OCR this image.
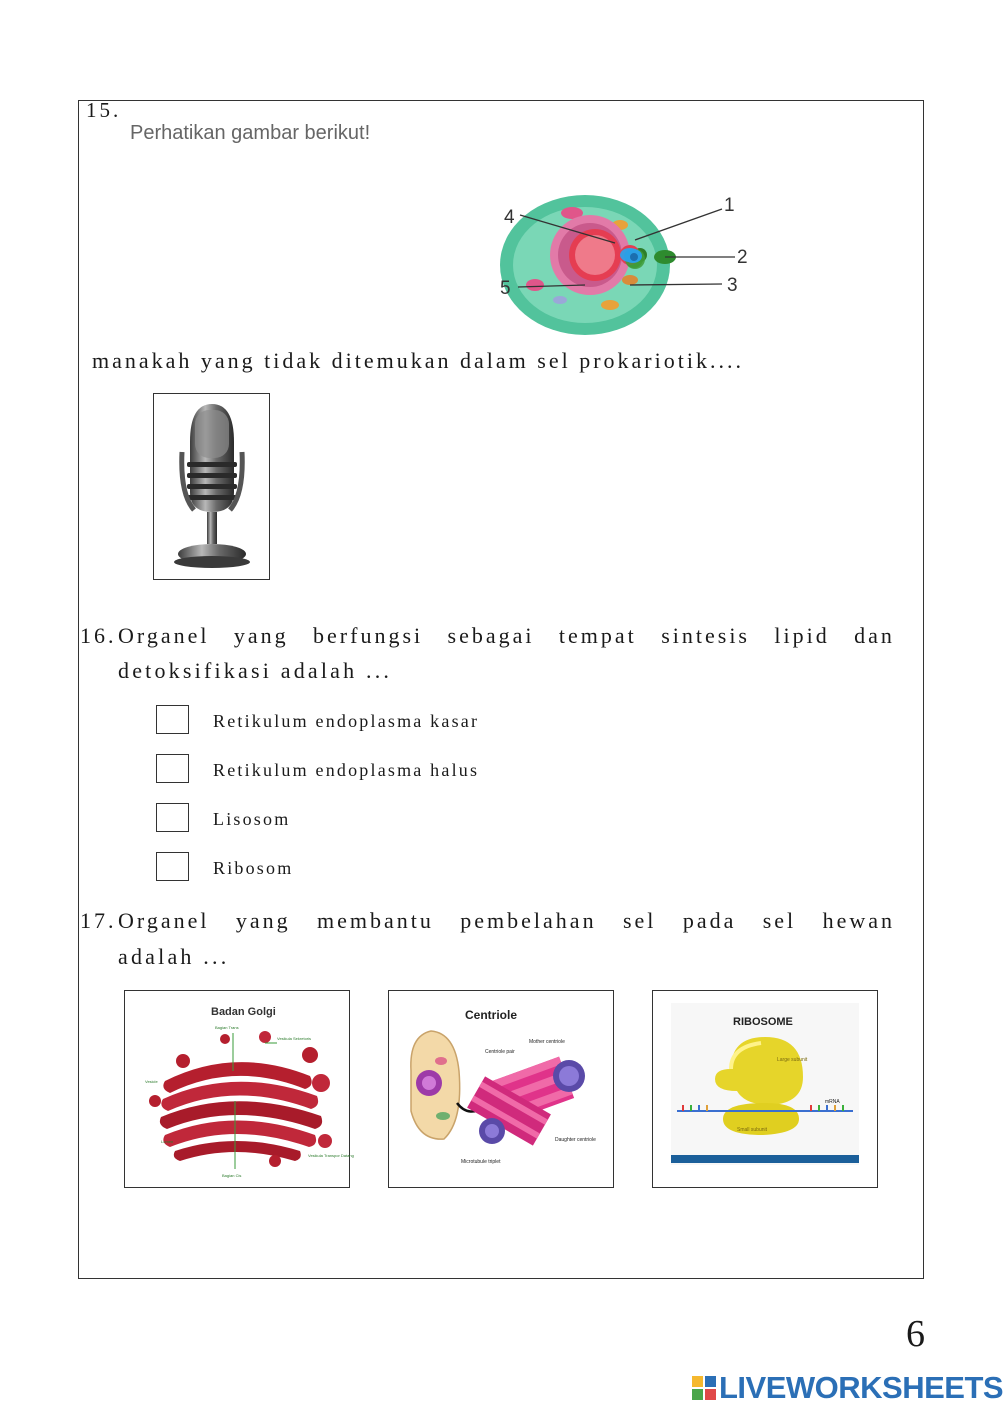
15.
Perhatikan gambar berikut!
4
1
2
3
5
manakah yang tidak ditemukan dalam sel prokariotik....
16. Organel yang berfungsi sebagai tempat sintesis lipid dan
detoksifikasi adalah ...
Retikulum endoplasma kasar
Retikulum endoplasma halus
Lisosom
Ribosom
17. Organel yang membantu pembelahan sel pada sel hewan
adalah ...
Badan Golgi
Bagian Trans
Vesikula Sekretoris
Vesicle
Lumen
Vesikula Transpor Datang
Bagian Cis
Centriole
Mother centriole
Centriole pair
Microtubule triplet
Daughter centriole
RIBOSOME
Large subunit
mRNA
Small subunit
6
LIVEWORKSHEETS
